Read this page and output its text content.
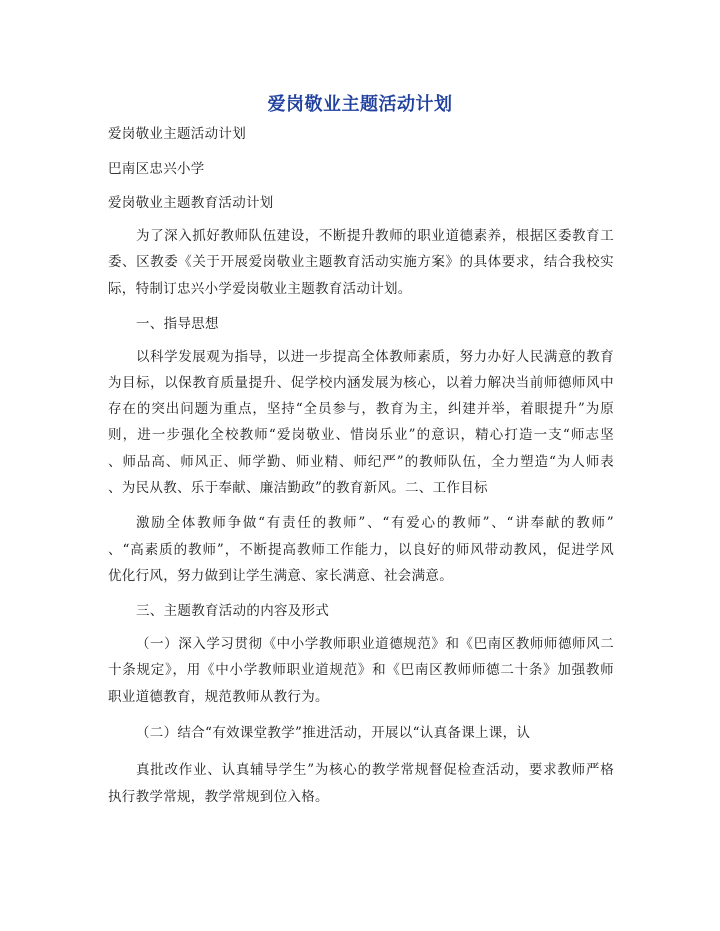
爱岗敬业主题活动计划

爱岗敬业主题活动计划

巴南区忠兴小学

爱岗敬业主题教育活动计划

为了深入抓好教师队伍建设，不断提升教师的职业道德素养，根据区委教育工

委、区教委《关于开展爱岗敬业主题教育活动实施方案》的具体要求，结合我校实

际，特制订忠兴小学爱岗敬业主题教育活动计划。

一、指导思想

以科学发展观为指导，以进一步提高全体教师素质，努力办好人民满意的教育

为目标，以保教育质量提升、促学校内涵发展为核心，以着力解决当前师德师风中

存在的突出问题为重点，坚持“全员参与，教育为主，纠建并举，着眼提升”为原

则，进一步强化全校教师“爱岗敬业、惜岗乐业”的意识，精心打造一支“师志坚

、师品高、师风正、师学勤、师业精、师纪严”的教师队伍，全力塑造“为人师表

、为民从教、乐于奉献、廉洁勤政”的教育新风。二、工作目标

激励全体教师争做“有责任的教师”、“有爱心的教师”、“讲奉献的教师”

、“高素质的教师”，不断提高教师工作能力，以良好的师风带动教风，促进学风

优化行风，努力做到让学生满意、家长满意、社会满意。

三、主题教育活动的内容及形式

（一）深入学习贯彻《中小学教师职业道德规范》和《巴南区教师师德师风二

十条规定》，用《中小学教师职业道规范》和《巴南区教师师德二十条》加强教师

职业道德教育，规范教师从教行为。

（二）结合“有效课堂教学”推进活动，开展以“认真备课上课，认

真批改作业、认真辅导学生”为核心的教学常规督促检查活动，要求教师严格

执行教学常规，教学常规到位入格。
